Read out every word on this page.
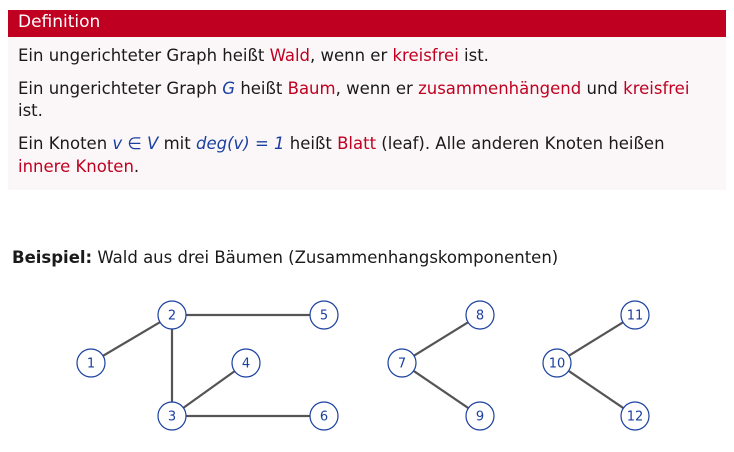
Definition

Ein ungerichteter Graph heißt Wald, wenn er kreisfrei ist.

Ein ungerichteter Graph G heißt Baum, wenn er zusammenhängend und kreisfrei ist.

Ein Knoten v ∈ V mit deg(v) = 1 heißt Blatt (leaf). Alle anderen Knoten heißen innere Knoten.

Beispiel: Wald aus drei Bäumen (Zusammenhangskomponenten)
1
2
3
4
5
6
7
8
9
10
11
12
